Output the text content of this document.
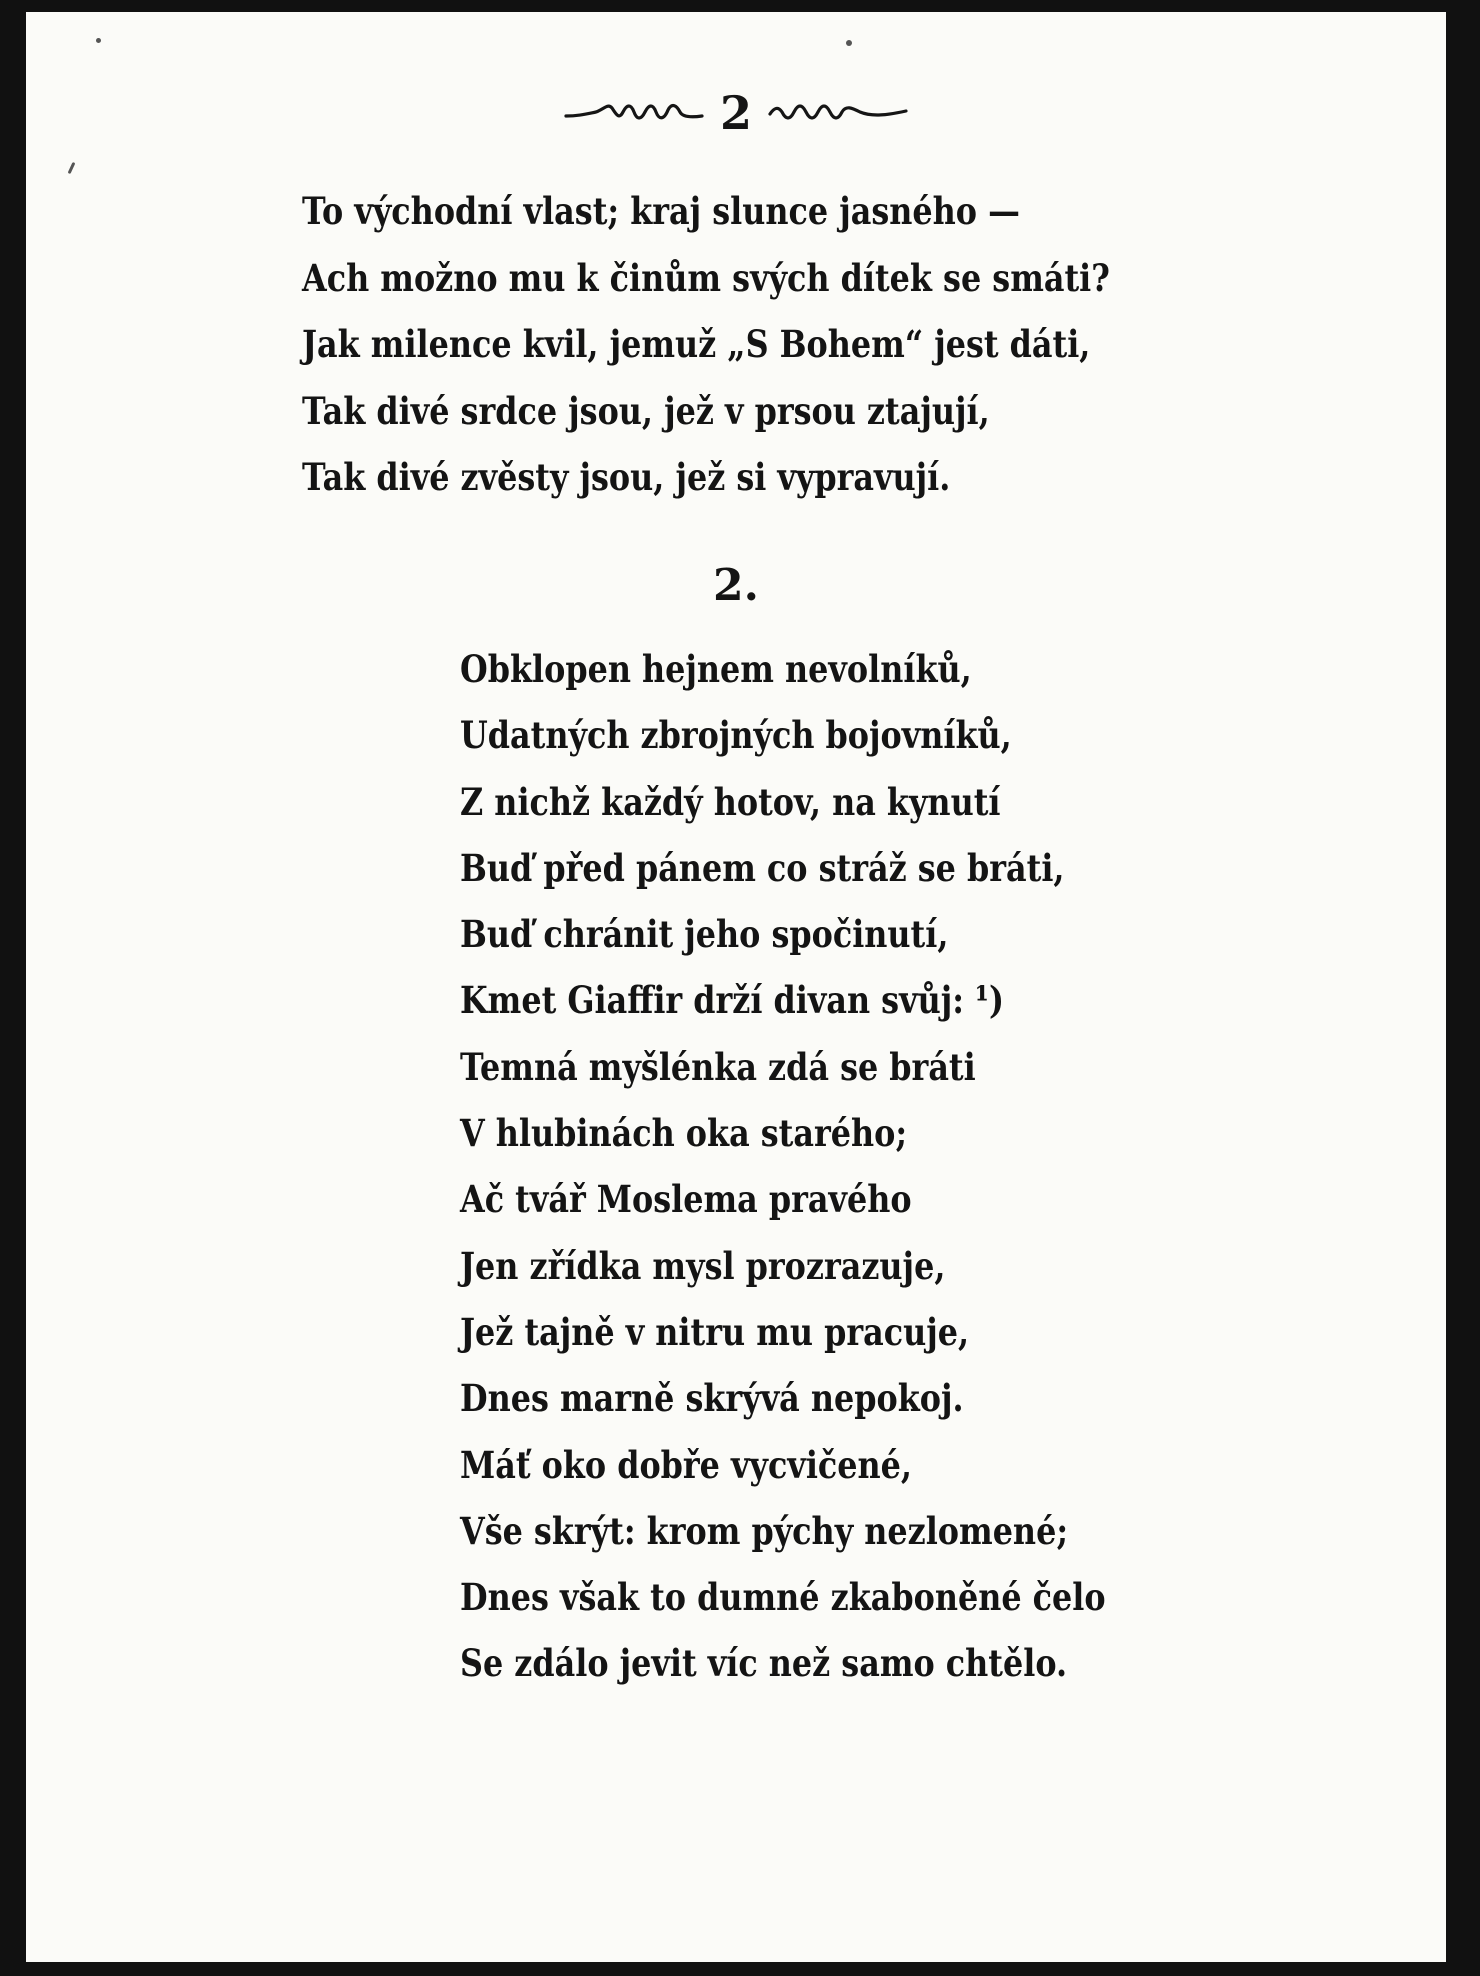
2
To východní vlast; kraj slunce jasného —
Ach možno mu k činům svých dítek se smáti?
Jak milence kvil, jemuž „S Bohem“ jest dáti,
Tak divé srdce jsou, jež v prsou ztajují,
Tak divé zvěsty jsou, jež si vypravují.
2.
Obklopen hejnem nevolníků,
Udatných zbrojných bojovníků,
Z nichž každý hotov, na kynutí
Buď před pánem co stráž se bráti,
Buď chránit jeho spočinutí,
Kmet Giaffir drží divan svůj: ¹)
Temná myšlénka zdá se bráti
V hlubinách oka starého;
Ač tvář Moslema pravého
Jen zřídka mysl prozrazuje,
Jež tajně v nitru mu pracuje,
Dnes marně skrývá nepokoj.
Máť oko dobře vycvičené,
Vše skrýt: krom pýchy nezlomené;
Dnes však to dumné zkaboněné čelo
Se zdálo jevit víc než samo chtělo.
